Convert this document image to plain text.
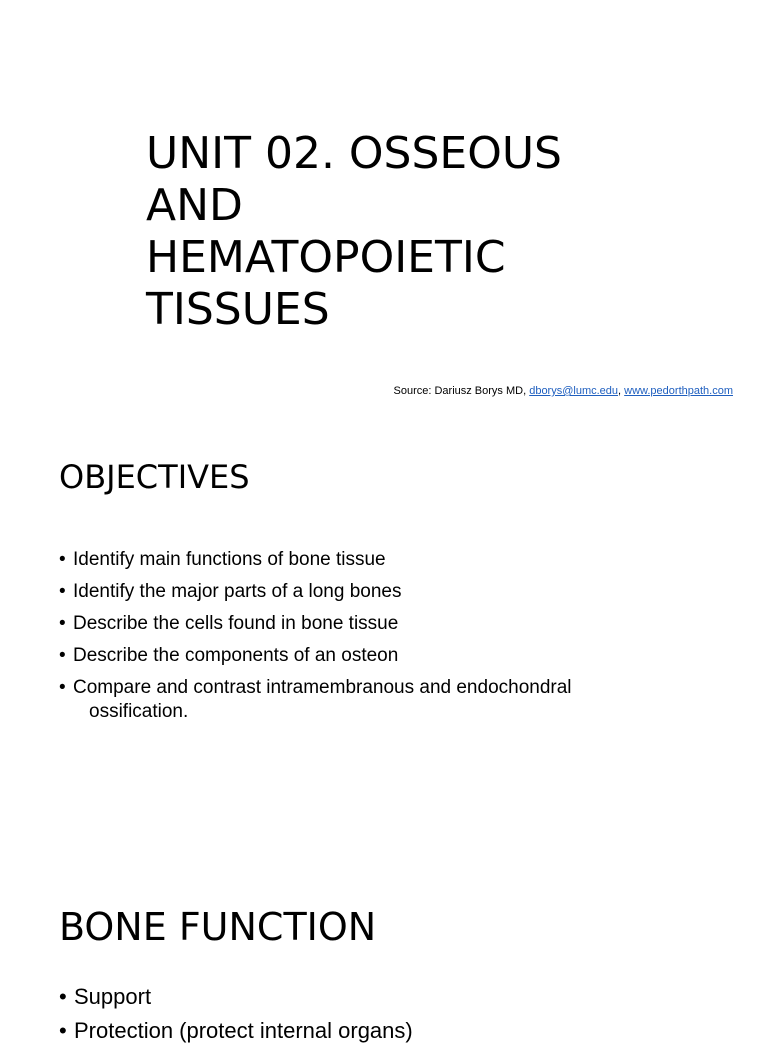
UNIT 02. OSSEOUS
AND
HEMATOPOIETIC
TISSUES
Source: Dariusz Borys MD, dborys@lumc.edu, www.pedorthpath.com
OBJECTIVES
• Identify main functions of bone tissue
• Identify the major parts of a long bones
• Describe the cells found in bone tissue
• Describe the components of an osteon
• Compare and contrast intramembranous and endochondral
ossification.
BONE FUNCTION
• Support
• Protection (protect internal organs)
